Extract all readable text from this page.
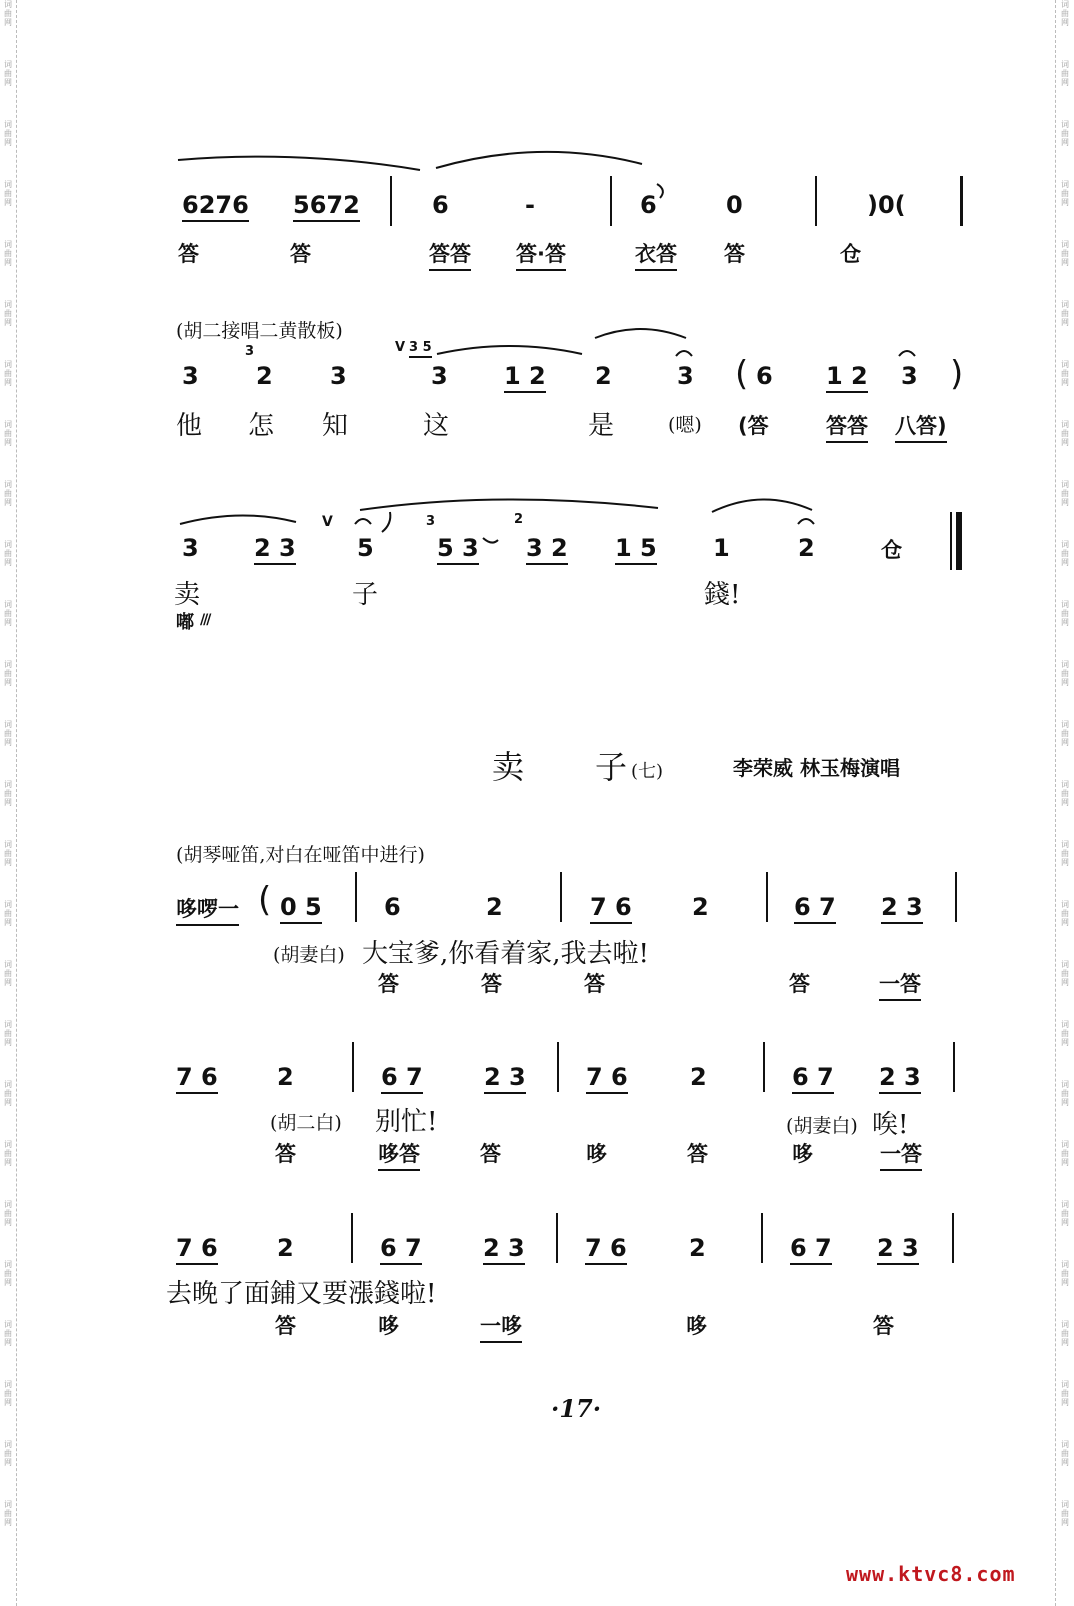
词曲网
词曲网
词曲网
词曲网
词曲网
词曲网
词曲网
词曲网
词曲网
词曲网
词曲网
词曲网
词曲网
词曲网
词曲网
词曲网
词曲网
词曲网
词曲网
词曲网
词曲网
词曲网
词曲网
词曲网
词曲网
词曲网
词曲网
词曲网
词曲网
词曲网
词曲网
词曲网
词曲网
词曲网
词曲网
词曲网
词曲网
词曲网
词曲网
词曲网
词曲网
词曲网
词曲网
词曲网
词曲网
词曲网
词曲网
词曲网
词曲网
词曲网
词曲网
词曲网
6276 5672	6	-	6	0	)0(
答	答	答答 答·答	衣答 答	仓
(胡二接唱二黄散板)
3
3
2 3
V 3 5
3 1 2 2	3 ( 6 1 2 3 )
他 怎 知	这	是	(嗯) (答	答答 八答)
3 2 3
V
5
3
5 3
2
3 2 1 5 1	2	仓
卖	子	錢!
嘟 ///
卖 子 (七)	李荣威 林玉梅演唱
(胡琴哑笛,对白在哑笛中进行)
哆啰一 ( 0 5	6	2	7 6	2	6 7 2 3
(胡妻白) 大宝爹,你看着家,我去啦!
答	答	答	答	一答
7 6 2	6 7	2 3	7 6	2	6 7 2 3
(胡二白) 别忙!	(胡妻白) 唉!
答	哆答	答	哆	答	哆	一答
7 6 2	6 7	2 3	7 6	2	6 7 2 3
去晚了面鋪又要漲錢啦!
答	哆	一哆	哆	答
·17·
www.ktvc8.com
